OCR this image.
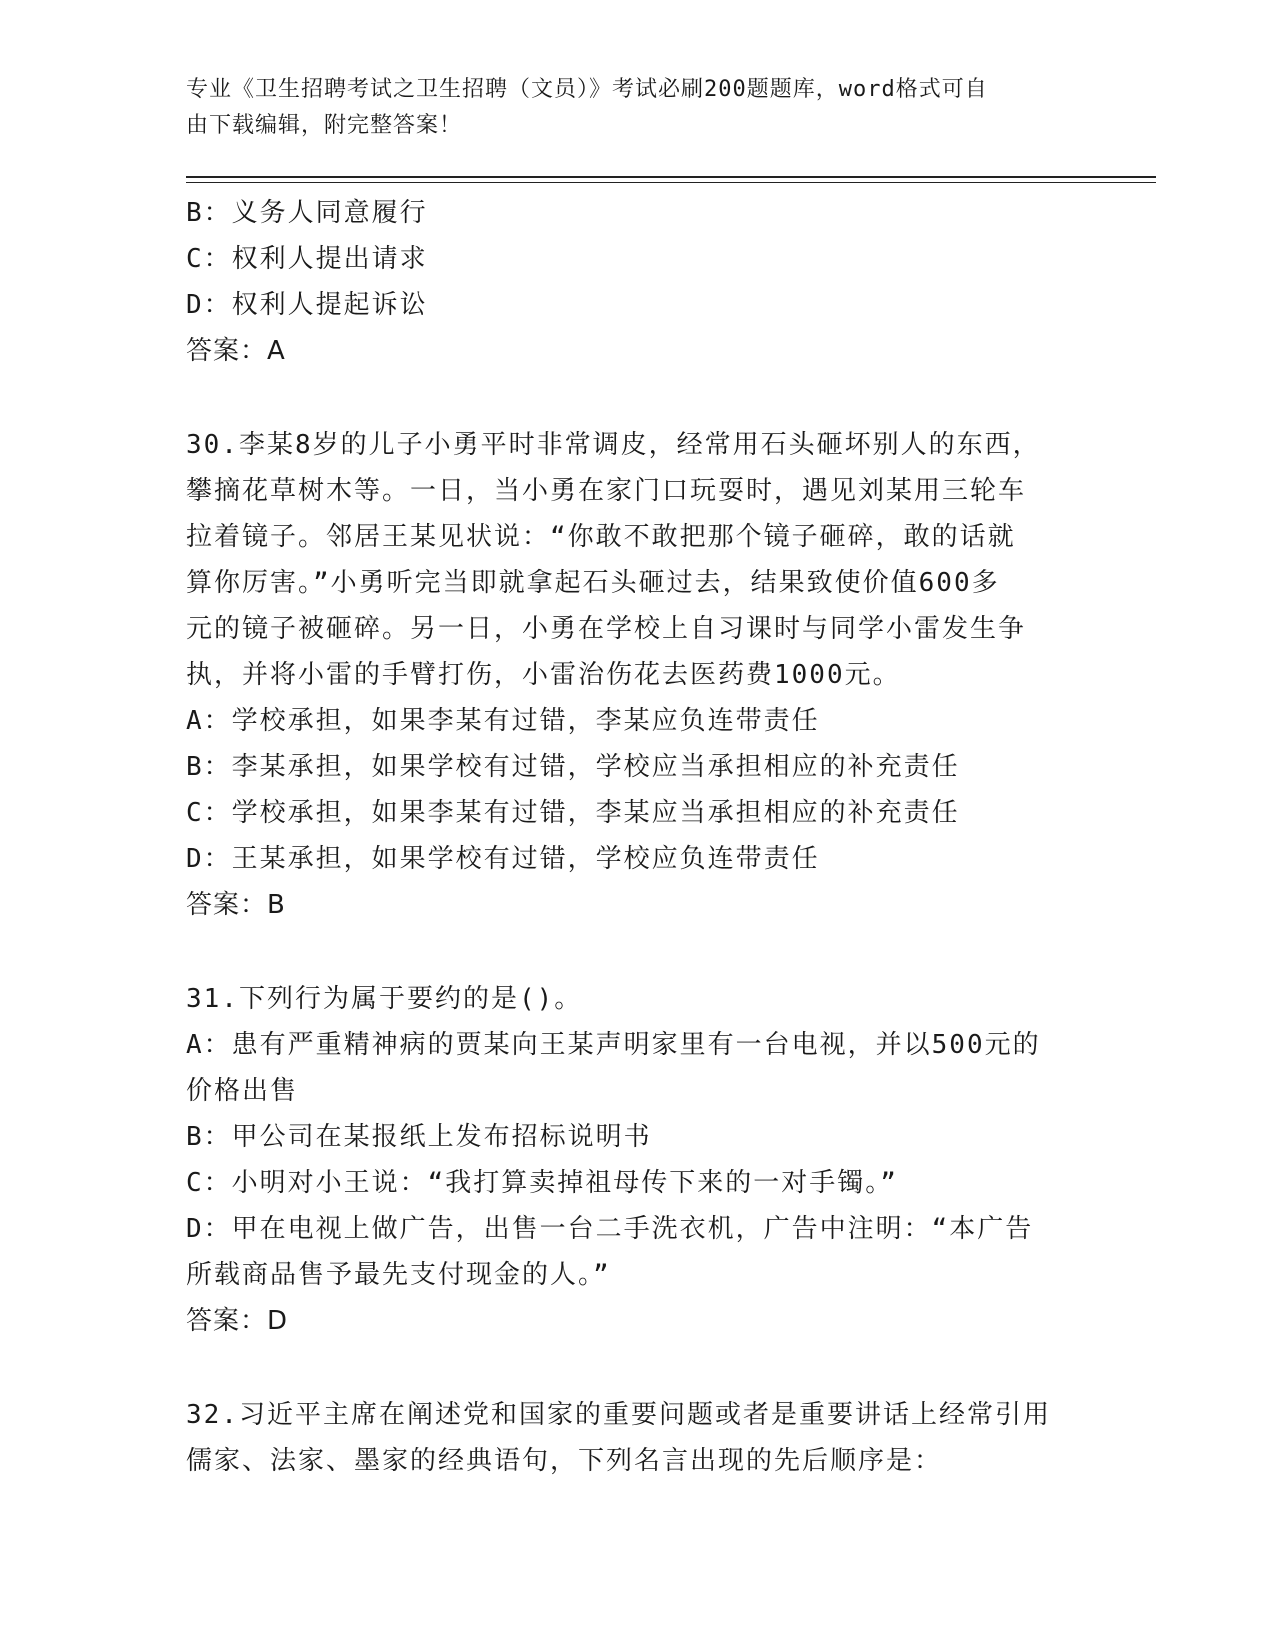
专业《卫生招聘考试之卫生招聘（文员）》考试必刷200题题库，word格式可自

由下载编辑，附完整答案！

B：义务人同意履行

C：权利人提出请求

D：权利人提起诉讼

答案：A

30.李某8岁的儿子小勇平时非常调皮，经常用石头砸坏别人的东西，

攀摘花草树木等。一日，当小勇在家门口玩耍时，遇见刘某用三轮车

拉着镜子。邻居王某见状说：“你敢不敢把那个镜子砸碎，敢的话就

算你厉害。”小勇听完当即就拿起石头砸过去，结果致使价值600多

元的镜子被砸碎。另一日，小勇在学校上自习课时与同学小雷发生争

执，并将小雷的手臂打伤，小雷治伤花去医药费1000元。

A：学校承担，如果李某有过错，李某应负连带责任

B：李某承担，如果学校有过错，学校应当承担相应的补充责任

C：学校承担，如果李某有过错，李某应当承担相应的补充责任

D：王某承担，如果学校有过错，学校应负连带责任

答案：B

31.下列行为属于要约的是()。

A：患有严重精神病的贾某向王某声明家里有一台电视，并以500元的

价格出售

B：甲公司在某报纸上发布招标说明书

C：小明对小王说：“我打算卖掉祖母传下来的一对手镯。”

D：甲在电视上做广告，出售一台二手洗衣机，广告中注明：“本广告

所载商品售予最先支付现金的人。”

答案：D

32.习近平主席在阐述党和国家的重要问题或者是重要讲话上经常引用

儒家、法家、墨家的经典语句，下列名言出现的先后顺序是：
